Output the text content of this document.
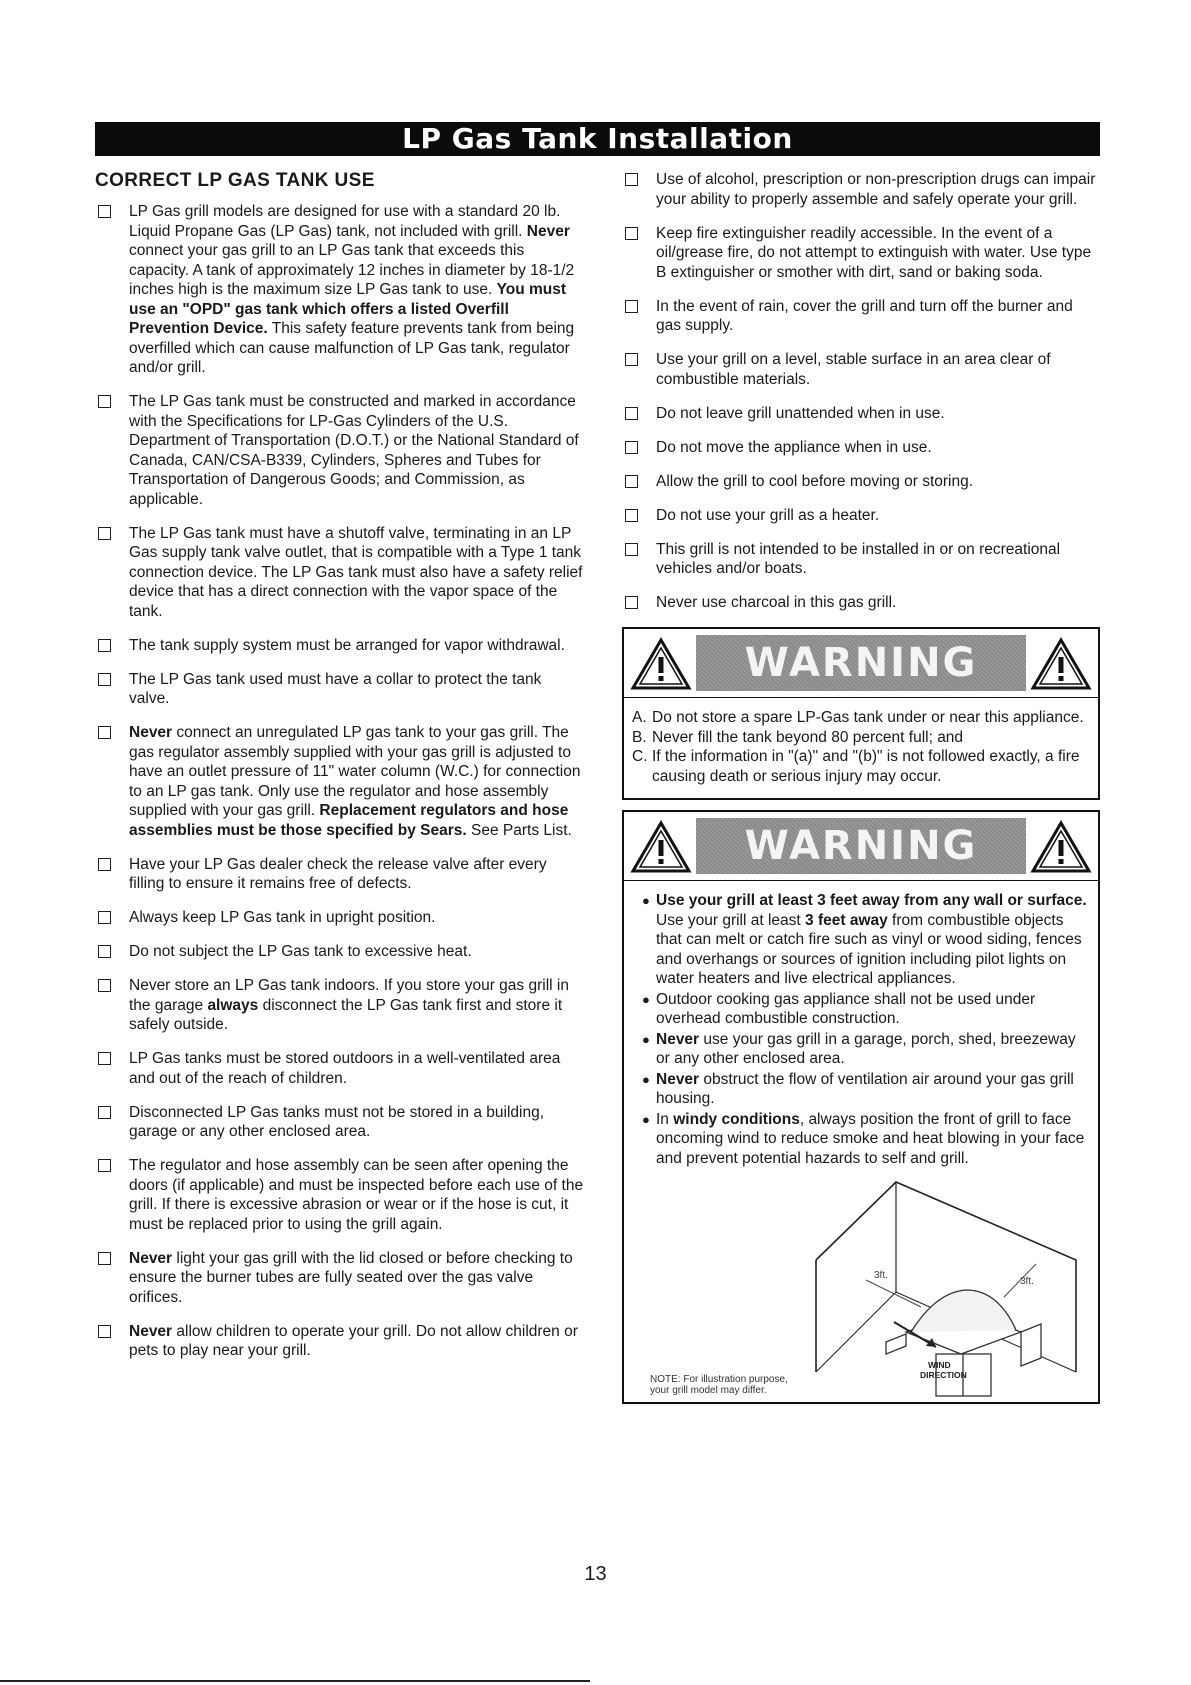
LP Gas Tank Installation
CORRECT LP GAS TANK USE
LP Gas grill models are designed for use with a standard 20 lb. Liquid Propane Gas (LP Gas) tank, not included with grill. Never connect your gas grill to an LP Gas tank that exceeds this capacity. A tank of approximately 12 inches in diameter by 18-1/2 inches high is the maximum size LP Gas tank to use. You must use an "OPD" gas tank which offers a listed Overfill Prevention Device. This safety feature prevents tank from being overfilled which can cause malfunction of LP Gas tank, regulator and/or grill.
The LP Gas tank must be constructed and marked in accordance with the Specifications for LP-Gas Cylinders of the U.S. Department of Transportation (D.O.T.) or the National Standard of Canada, CAN/CSA-B339, Cylinders, Spheres and Tubes for Transportation of Dangerous Goods; and Commission, as applicable.
The LP Gas tank must have a shutoff valve, terminating in an LP Gas supply tank valve outlet, that is compatible with a Type 1 tank connection device. The LP Gas tank must also have a safety relief device that has a direct connection with the vapor space of the tank.
The tank supply system must be arranged for vapor withdrawal.
The LP Gas tank used must have a collar to protect the tank valve.
Never connect an unregulated LP gas tank to your gas grill. The gas regulator assembly supplied with your gas grill is adjusted to have an outlet pressure of 11" water column (W.C.) for connection to an LP gas tank. Only use the regulator and hose assembly supplied with your gas grill. Replacement regulators and hose assemblies must be those specified by Sears. See Parts List.
Have your LP Gas dealer check the release valve after every filling to ensure it remains free of defects.
Always keep LP Gas tank in upright position.
Do not subject the LP Gas tank to excessive heat.
Never store an LP Gas tank indoors. If you store your gas grill in the garage always disconnect the LP Gas tank first and store it safely outside.
LP Gas tanks must be stored outdoors in a well-ventilated area and out of the reach of children.
Disconnected LP Gas tanks must not be stored in a building, garage or any other enclosed area.
The regulator and hose assembly can be seen after opening the doors (if applicable) and must be inspected before each use of the grill. If there is excessive abrasion or wear or if the hose is cut, it must be replaced prior to using the grill again.
Never light your gas grill with the lid closed or before checking to ensure the burner tubes are fully seated over the gas valve orifices.
Never allow children to operate your grill. Do not allow children or pets to play near your grill.
Use of alcohol, prescription or non-prescription drugs can impair your ability to properly assemble and safely operate your grill.
Keep fire extinguisher readily accessible. In the event of a oil/grease fire, do not attempt to extinguish with water. Use type B extinguisher or smother with dirt, sand or baking soda.
In the event of rain, cover the grill and turn off the burner and gas supply.
Use your grill on a level, stable surface in an area clear of combustible materials.
Do not leave grill unattended when in use.
Do not move the appliance when in use.
Allow the grill to cool before moving or storing.
Do not use your grill as a heater.
This grill is not intended to be installed in or on recreational vehicles and/or boats.
Never use charcoal in this gas grill.
WARNING
A. Do not store a spare LP-Gas tank under or near this appliance.
B. Never fill the tank beyond 80 percent full; and
C. If the information in "(a)" and "(b)" is not followed exactly, a fire causing death or serious injury may occur.
WARNING
● Use your grill at least 3 feet away from any wall or surface. Use your grill at least 3 feet away from combustible objects that can melt or catch fire such as vinyl or wood siding, fences and overhangs or sources of ignition including pilot lights on water heaters and live electrical appliances.
● Outdoor cooking gas appliance shall not be used under overhead combustible construction.
● Never use your gas grill in a garage, porch, shed, breezeway or any other enclosed area.
● Never obstruct the flow of ventilation air around your gas grill housing.
● In windy conditions, always position the front of grill to face oncoming wind to reduce smoke and heat blowing in your face and prevent potential hazards to self and grill.
3ft.
3ft.
WIND
DIRECTION
NOTE: For illustration purpose,
your grill model may differ.
13
